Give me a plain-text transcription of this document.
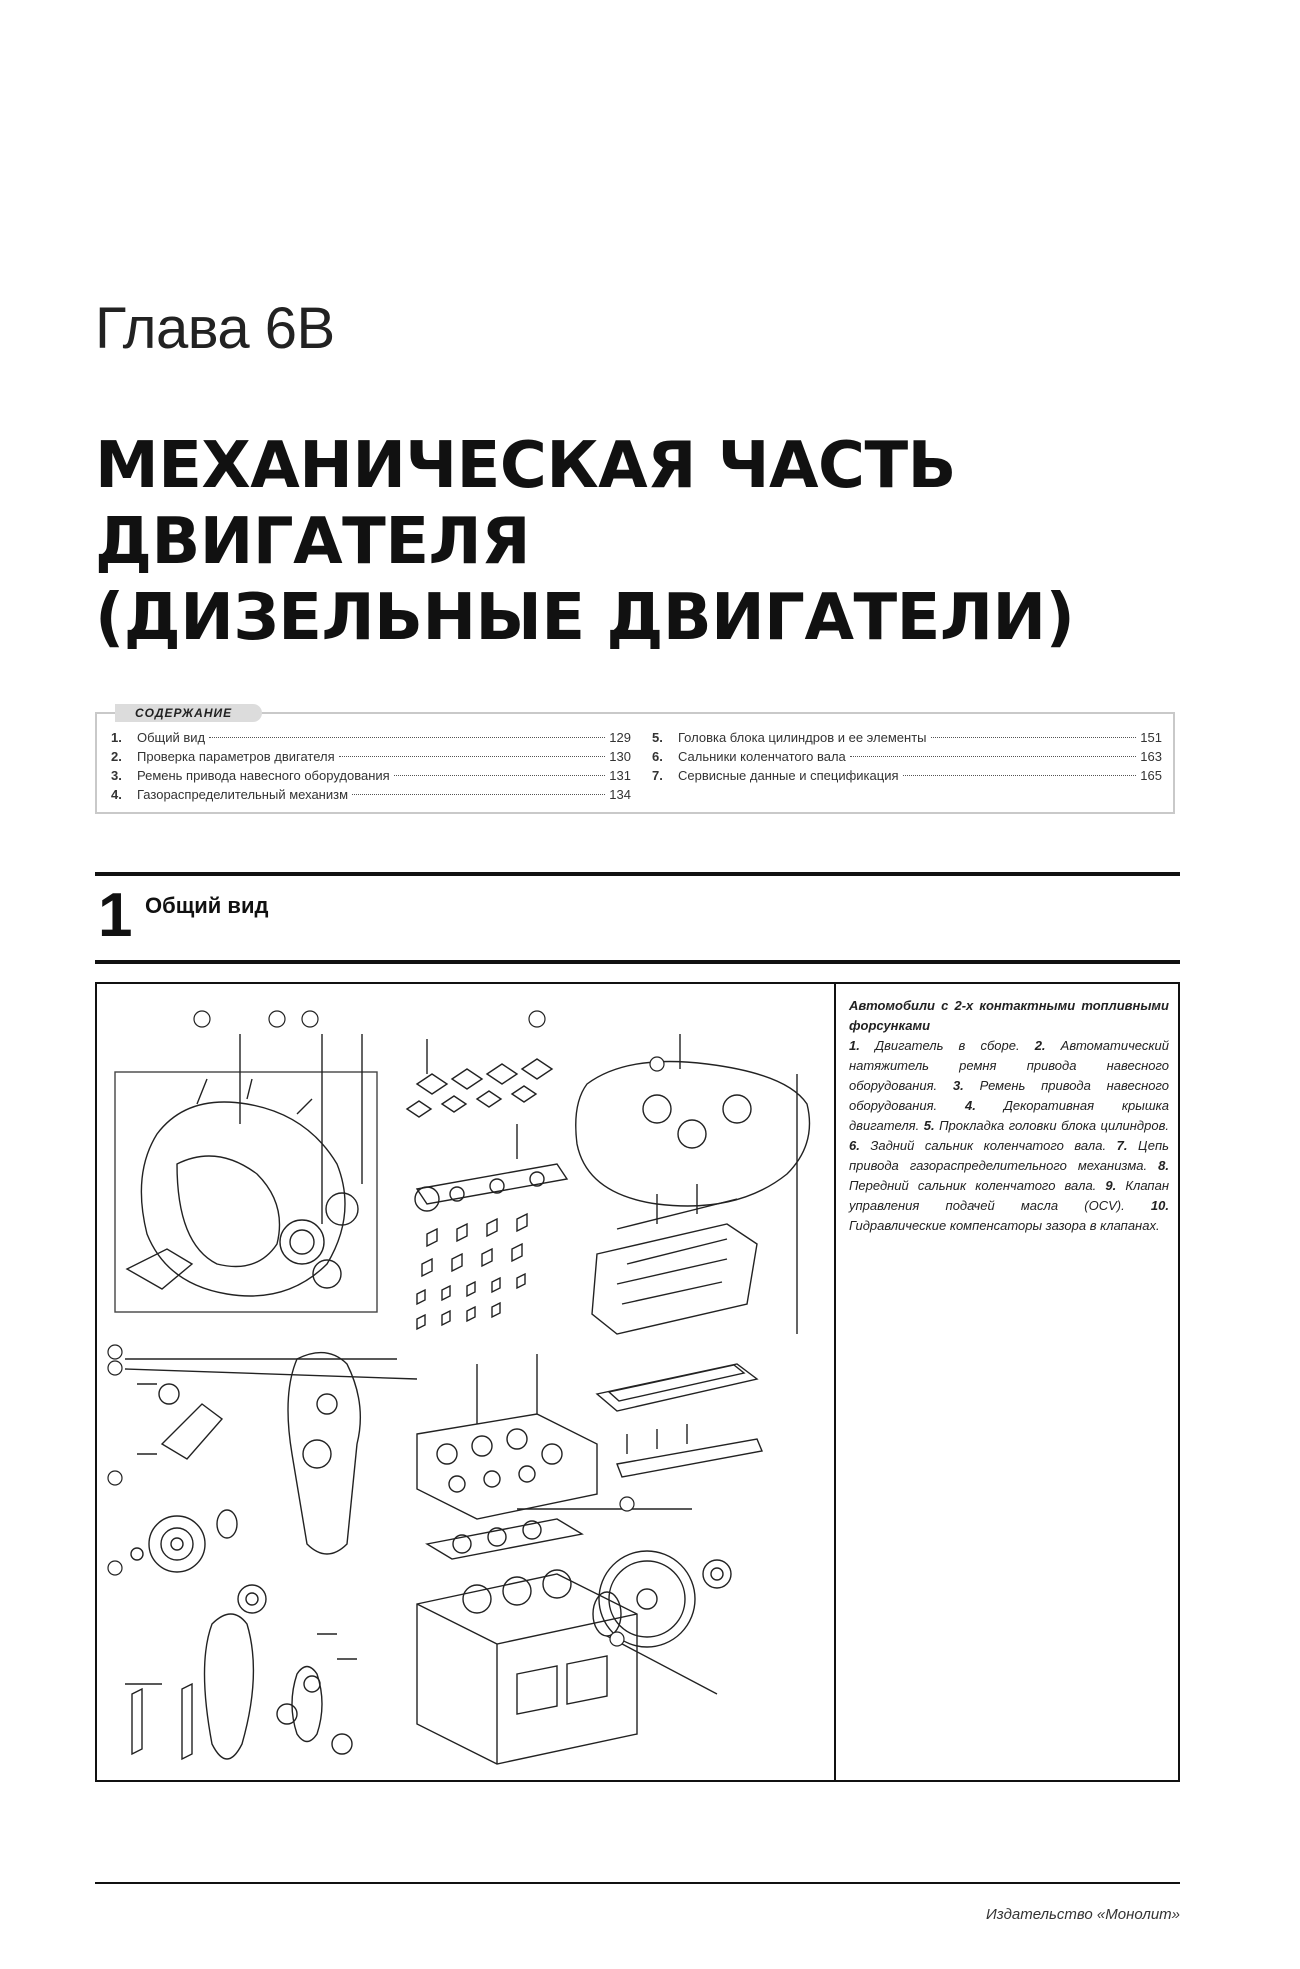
Глава 6В
МЕХАНИЧЕСКАЯ ЧАСТЬ
ДВИГАТЕЛЯ
(ДИЗЕЛЬНЫЕ ДВИГАТЕЛИ)
СОДЕРЖАНИЕ
1.	Общий вид	129
2.	Проверка параметров двигателя	130
3.	Ремень привода навесного оборудования	131
4.	Газораспределительный механизм	134
5.	Головка блока цилиндров и ее элементы	151
6.	Сальники коленчатого вала	163
7.	Сервисные данные и спецификация	165
1 Общий вид
Автомобили с 2-х контактными топливными форсунками
1. Двигатель в сборе. 2. Автоматический натяжитель ремня привода навесного оборудования. 3. Ремень привода навесного оборудования. 4. Декоративная крышка двигателя. 5. Прокладка головки блока цилиндров. 6. Задний сальник коленчатого вала. 7. Цепь привода газораспределительного механизма. 8. Передний сальник коленчатого вала. 9. Клапан управления подачей масла (OCV). 10. Гидравлические компенсаторы зазора в клапанах.
Издательство «Монолит»
